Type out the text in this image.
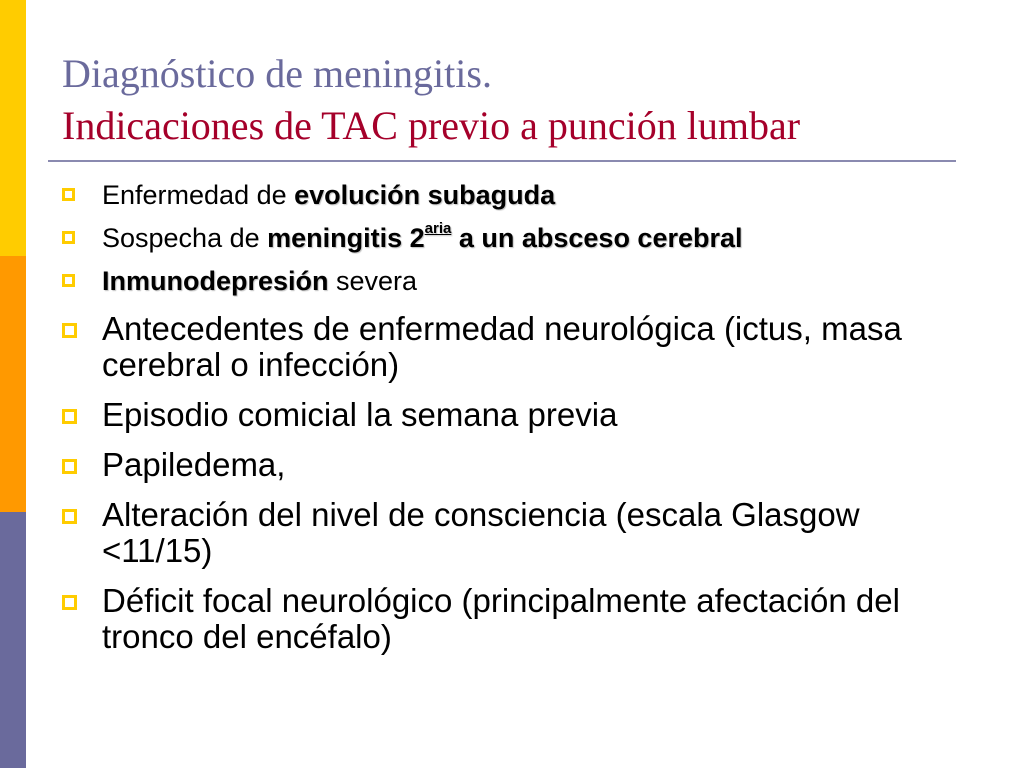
Diagnóstico de meningitis.
Indicaciones de TAC previo a punción lumbar
Enfermedad de evolución subaguda
Sospecha de meningitis $2^{aria}$ a un absceso cerebral
Inmunodepresión severa
Antecedentes de enfermedad neurológica (ictus, masa cerebral o infección)
Episodio comicial la semana previa
Papiledema,
Alteración del nivel de consciencia (escala Glasgow <11/15)
Déficit focal neurológico (principalmente afectación del tronco del encéfalo)
